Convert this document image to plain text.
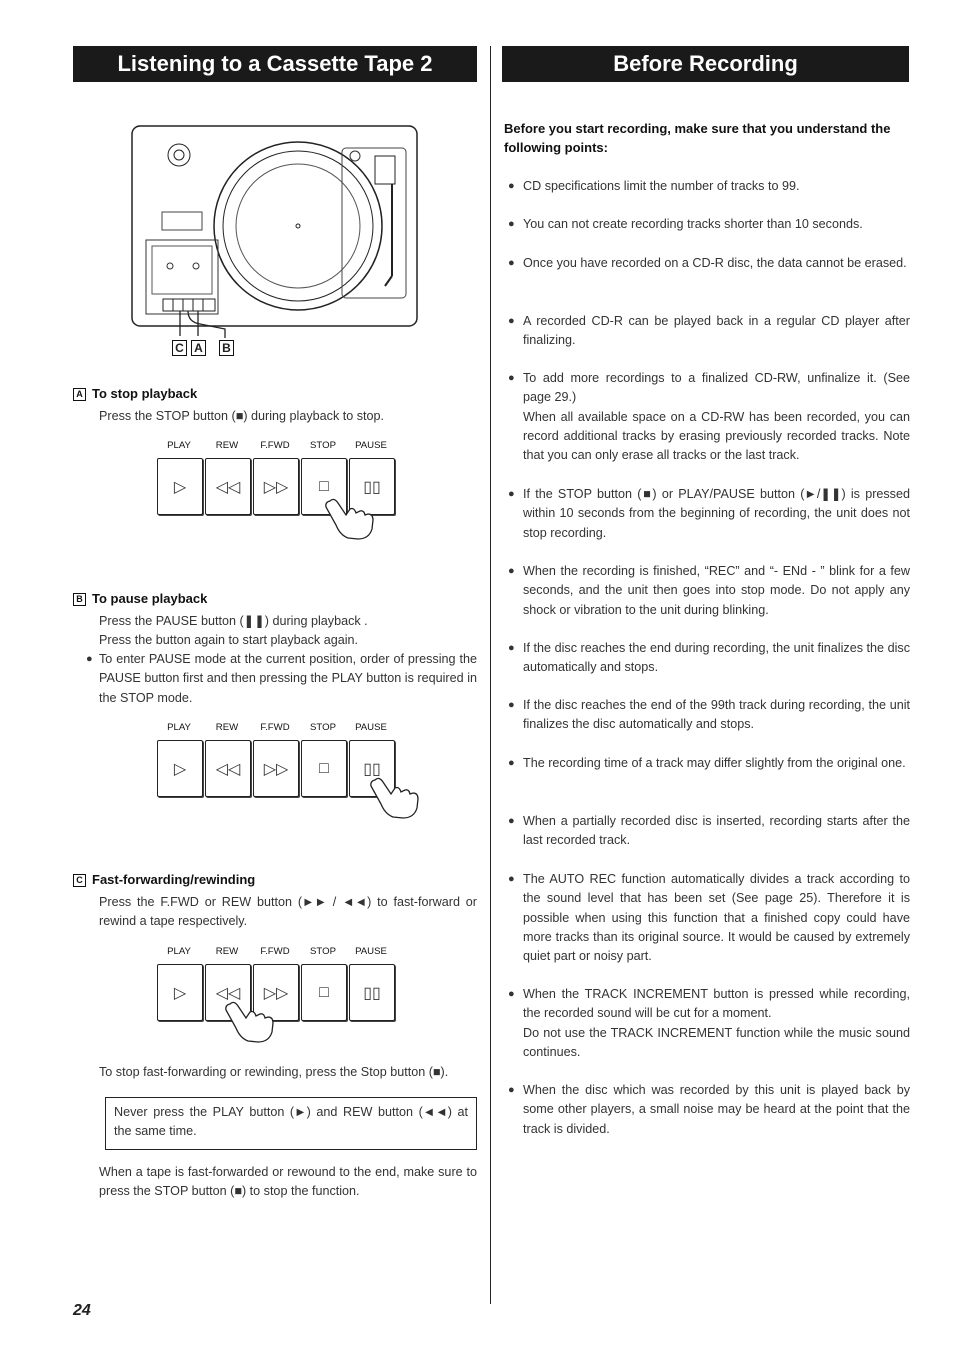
Listening to a Cassette Tape 2	Before Recording
C A B
A To stop playback
Press the STOP button (■) during playback to stop.
PLAY	REW	F.FWD	STOP	PAUSE
▷	◁◁	▷▷	□	▯▯
B To pause playback
Press the PAUSE button (❚❚) during playback .
Press the button again to start playback again.
● To enter PAUSE mode at the current position, order of pressing the PAUSE button first and then pressing the PLAY button is required in the STOP mode.
PLAY	REW	F.FWD	STOP	PAUSE
▷	◁◁	▷▷	□	▯▯
C Fast-forwarding/rewinding
Press the F.FWD or REW button (►► / ◄◄) to fast-forward or rewind a tape respectively.
PLAY	REW	F.FWD	STOP	PAUSE
▷	◁◁	▷▷	□	▯▯
To stop fast-forwarding or rewinding, press the Stop button (■).
Never press the PLAY button (►) and REW button (◄◄) at the same time.
When a tape is fast-forwarded or rewound to the end, make sure to press the STOP button (■) to stop the function.
24
Before you start recording, make sure that you understand the following points:
● CD specifications limit the number of tracks to 99.
● You can not create recording tracks shorter than 10 seconds.
● Once you have recorded on a CD-R disc, the data cannot be erased.
● A recorded CD-R can be played back in a regular CD player after finalizing.
● To add more recordings to a finalized CD-RW, unfinalize it. (See page 29.)
When all available space on a CD-RW has been recorded, you can record additional tracks by erasing previously recorded tracks. Note that you can only erase all tracks or the last track.
● If the STOP button (■) or PLAY/PAUSE button (►/❚❚) is pressed within 10 seconds from the beginning of recording, the unit does not stop recording.
● When the recording is finished, “REC” and “- ENd - ” blink for a few seconds, and the unit then goes into stop mode. Do not apply any shock or vibration to the unit during blinking.
● If the disc reaches the end during recording, the unit finalizes the disc automatically and stops.
● If the disc reaches the end of the 99th track during recording, the unit finalizes the disc automatically and stops.
● The recording time of a track may differ slightly from the original one.
● When a partially recorded disc is inserted, recording starts after the last recorded track.
● The AUTO REC function automatically divides a track according to the sound level that has been set (See page 25). Therefore it is possible when using this function that a finished copy could have more tracks than its original source. It would be caused by extremely quiet part or noisy part.
● When the TRACK INCREMENT button is pressed while recording, the recorded sound will be cut for a moment.
Do not use the TRACK INCREMENT function while the music sound continues.
● When the disc which was recorded by this unit is played back by some other players, a small noise may be heard at the point that the track is divided.
